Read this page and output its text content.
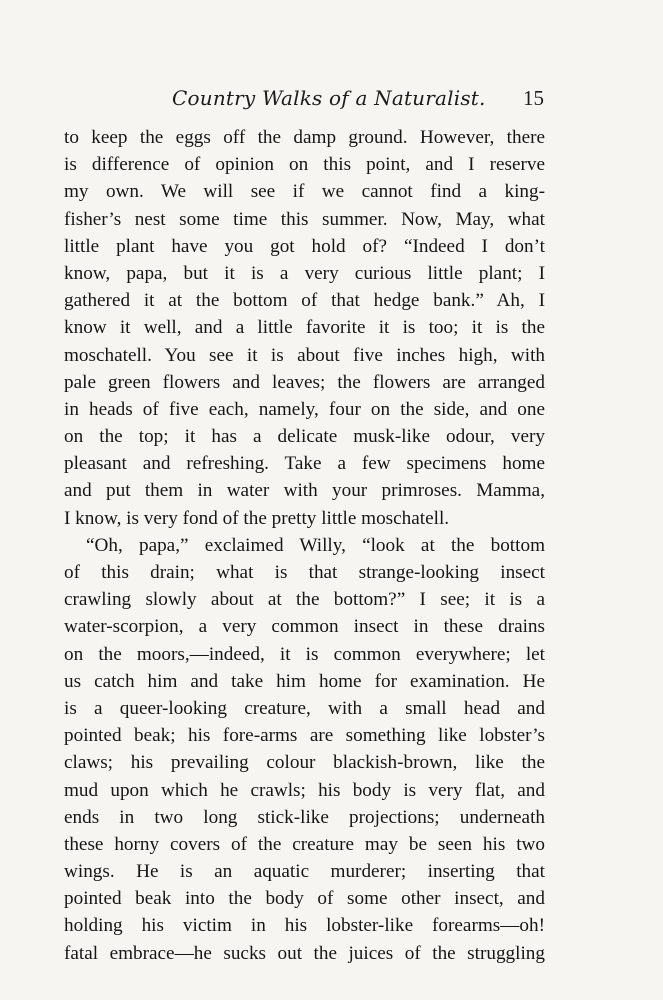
Country Walks of a Naturalist. 15
to keep the eggs off the damp ground. However, there
is difference of opinion on this point, and I reserve
my own. We will see if we cannot find a king-
fisher’s nest some time this summer. Now, May, what
little plant have you got hold of? “Indeed I don’t
know, papa, but it is a very curious little plant; I
gathered it at the bottom of that hedge bank.” Ah, I
know it well, and a little favorite it is too; it is the
moschatell. You see it is about five inches high, with
pale green flowers and leaves; the flowers are arranged
in heads of five each, namely, four on the side, and one
on the top; it has a delicate musk-like odour, very
pleasant and refreshing. Take a few specimens home
and put them in water with your primroses. Mamma,
I know, is very fond of the pretty little moschatell.
“Oh, papa,” exclaimed Willy, “look at the bottom
of this drain; what is that strange-looking insect
crawling slowly about at the bottom?” I see; it is a
water-scorpion, a very common insect in these drains
on the moors,—indeed, it is common everywhere; let
us catch him and take him home for examination. He
is a queer-looking creature, with a small head and
pointed beak; his fore-arms are something like lobster’s
claws; his prevailing colour blackish-brown, like the
mud upon which he crawls; his body is very flat, and
ends in two long stick-like projections; underneath
these horny covers of the creature may be seen his two
wings. He is an aquatic murderer; inserting that
pointed beak into the body of some other insect, and
holding his victim in his lobster-like forearms—oh!
fatal embrace—he sucks out the juices of the struggling
